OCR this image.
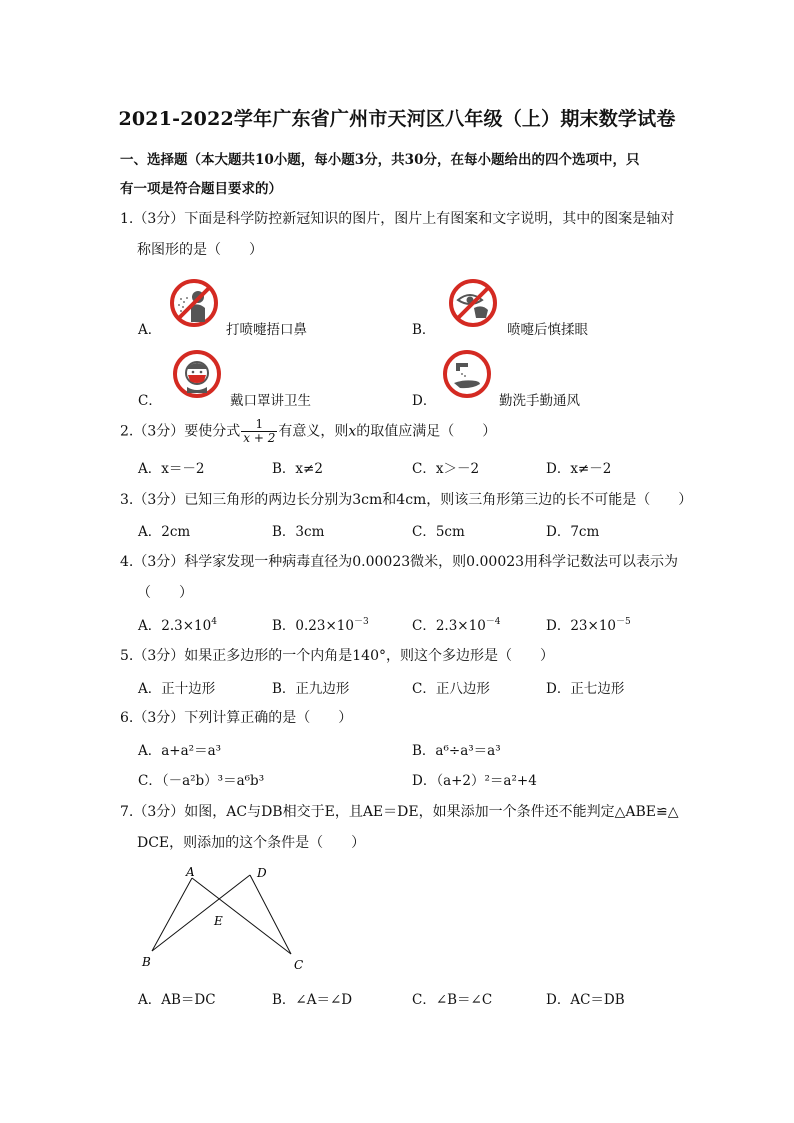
2021-2022学年广东省广州市天河区八年级（上）期末数学试卷
一、选择题（本大题共10小题，每小题3分，共30分，在每小题给出的四个选项中，只
有一项是符合题目要求的）
1.（3分）下面是科学防控新冠知识的图片，图片上有图案和文字说明，其中的图案是轴对
称图形的是（　　）
A．	打喷嚏捂口鼻	B．	喷嚏后慎揉眼
C．	戴口罩讲卫生	D．	勤洗手勤通风
2.（3分）要使分式 $\frac{1}{x + 2}$ 有意义，则x的取值应满足（　　）
A．x＝－2	B．x≠2	C．x＞－2	D．x≠－2
3.（3分）已知三角形的两边长分别为3cm和4cm，则该三角形第三边的长不可能是（　　）
A．2cm	B．3cm	C．5cm	D．7cm
4.（3分）科学家发现一种病毒直径为0.00023微米，则0.00023用科学记数法可以表示为
（　　）
A．$2.3\times 10^4$	B．$0.23\times 10^{-3}$	C．$2.3\times 10^{-4}$	D．$23\times 10^{-5}$
5.（3分）如果正多边形的一个内角是140°，则这个多边形是（　　）
A．正十边形	B．正九边形	C．正八边形	D．正七边形
6.（3分）下列计算正确的是（　　）
A．a+a²＝a³	B．a⁶÷a³＝a³
C．（－a²b）³＝a⁶b³	D．（a+2）²＝a²+4
7.（3分）如图，AC与DB相交于E，且AE＝DE，如果添加一个条件还不能判定△ABE≌△
DCE，则添加的这个条件是（　　）
A	D
E
B	C
A．AB＝DC	B．∠A＝∠D	C．∠B＝∠C	D．AC＝DB
